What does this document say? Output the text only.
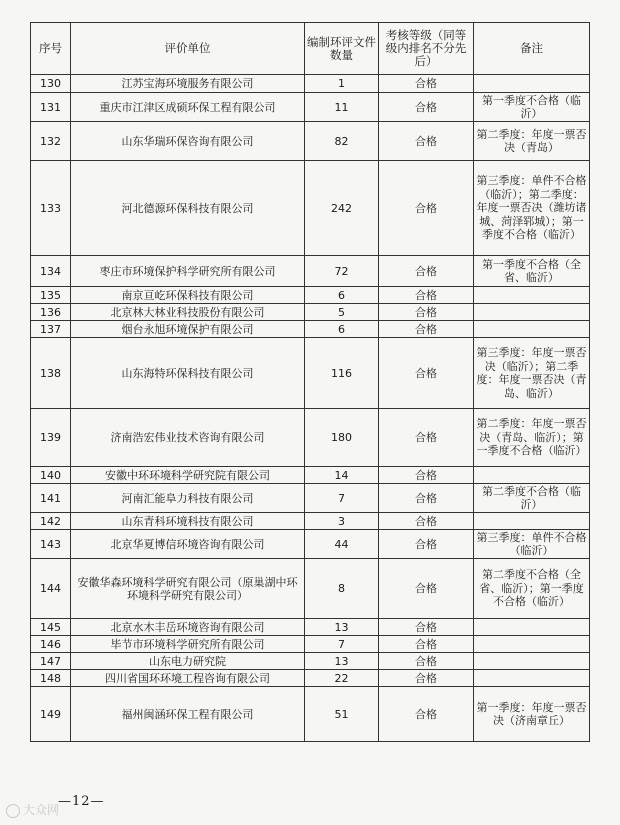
序号	评价单位	编制环评文件数量	考核等级（同等级内排名不分先后）	备注
130	江苏宝海环境服务有限公司	1	合格	
131	重庆市江津区成硕环保工程有限公司	11	合格	第一季度不合格（临沂）
132	山东华瑞环保咨询有限公司	82	合格	第二季度：年度一票否决（青岛）
133	河北德源环保科技有限公司	242	合格	第三季度：单件不合格（临沂）；第二季度：年度一票否决（潍坊诸城、菏泽郓城）；第一季度不合格（临沂）
134	枣庄市环境保护科学研究所有限公司	72	合格	第一季度不合格（全省、临沂）
135	南京亘屹环保科技有限公司	6	合格	
136	北京林大林业科技股份有限公司	5	合格	
137	烟台永旭环境保护有限公司	6	合格	
138	山东海特环保科技有限公司	116	合格	第三季度：年度一票否决（临沂）；第二季度：年度一票否决（青岛、临沂）
139	济南浩宏伟业技术咨询有限公司	180	合格	第二季度：年度一票否决（青岛、临沂）；第一季度不合格（临沂）
140	安徽中环环境科学研究院有限公司	14	合格	
141	河南汇能阜力科技有限公司	7	合格	第二季度不合格（临沂）
142	山东青科环境科技有限公司	3	合格	
143	北京华夏博信环境咨询有限公司	44	合格	第三季度：单件不合格（临沂）
144	安徽华森环境科学研究有限公司（原巢湖中环环境科学研究有限公司）	8	合格	第二季度不合格（全省、临沂）；第一季度不合格（临沂）
145	北京水木丰岳环境咨询有限公司	13	合格	
146	毕节市环境科学研究所有限公司	7	合格	
147	山东电力研究院	13	合格	
148	四川省国环环境工程咨询有限公司	22	合格	
149	福州闽涵环保工程有限公司	51	合格	第一季度：年度一票否决（济南章丘）
—12—
大众网
